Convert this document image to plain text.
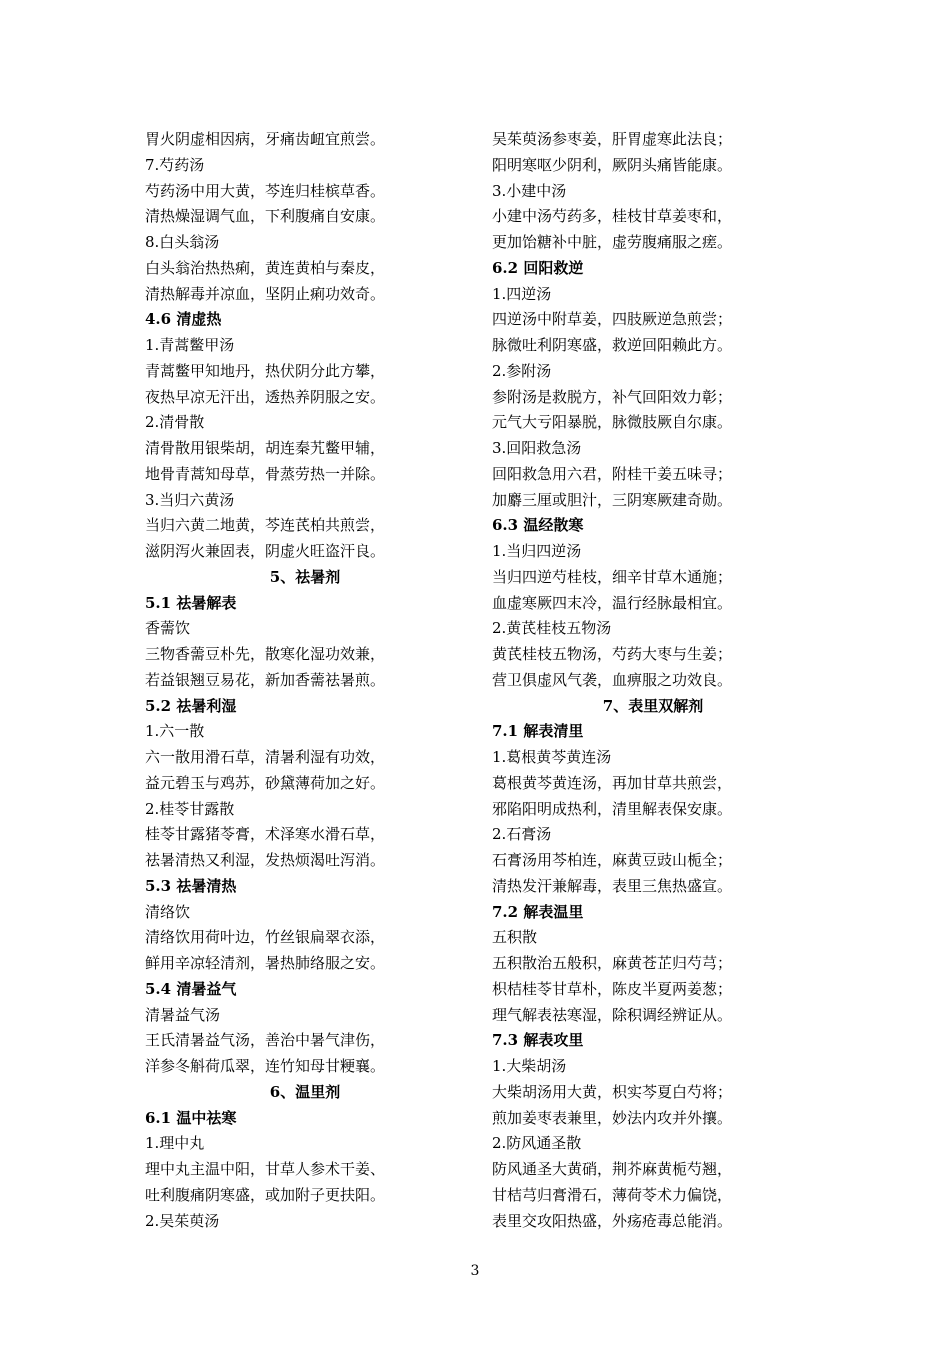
胃火阴虚相因病，牙痛齿衄宜煎尝。
7.芍药汤
芍药汤中用大黄，芩连归桂槟草香。
清热燥湿调气血，下利腹痛自安康。
8.白头翁汤
白头翁治热热痢，黄连黄柏与秦皮，
清热解毒并凉血，坚阴止痢功效奇。
4.6 清虚热
1.青蒿鳖甲汤
青蒿鳖甲知地丹，热伏阴分此方攀，
夜热早凉无汗出，透热养阴服之安。
2.清骨散
清骨散用银柴胡，胡连秦艽鳖甲辅，
地骨青蒿知母草，骨蒸劳热一并除。
3.当归六黄汤
当归六黄二地黄，芩连芪柏共煎尝，
滋阴泻火兼固表，阴虚火旺盗汗良。
5、祛暑剂
5.1 祛暑解表
香薷饮
三物香薷豆朴先，散寒化湿功效兼，
若益银翘豆易花，新加香薷祛暑煎。
5.2 祛暑利湿
1.六一散
六一散用滑石草，清暑利湿有功效，
益元碧玉与鸡苏，砂黛薄荷加之好。
2.桂苓甘露散
桂苓甘露猪苓膏，术泽寒水滑石草，
祛暑清热又利湿，发热烦渴吐泻消。
5.3 祛暑清热
清络饮
清络饮用荷叶边，竹丝银扁翠衣添，
鲜用辛凉轻清剂，暑热肺络服之安。
5.4 清暑益气
清暑益气汤
王氏清暑益气汤，善治中暑气津伤，
洋参冬斛荷瓜翠，连竹知母甘粳襄。
6、温里剂
6.1 温中祛寒
1.理中丸
理中丸主温中阳，甘草人参术干姜、
吐利腹痛阴寒盛，或加附子更扶阳。
2.吴茱萸汤
吴茱萸汤参枣姜，肝胃虚寒此法良；
阳明寒呕少阴利，厥阴头痛皆能康。
3.小建中汤
小建中汤芍药多，桂枝甘草姜枣和，
更加饴糖补中脏，虚劳腹痛服之瘥。
6.2 回阳救逆
1.四逆汤
四逆汤中附草姜，四肢厥逆急煎尝；
脉微吐利阴寒盛，救逆回阳赖此方。
2.参附汤
参附汤是救脱方，补气回阳效力彰；
元气大亏阳暴脱，脉微肢厥自尔康。
3.回阳救急汤
回阳救急用六君，附桂干姜五味寻；
加麝三厘或胆汁，三阴寒厥建奇勋。
6.3 温经散寒
1.当归四逆汤
当归四逆芍桂枝，细辛甘草木通施；
血虚寒厥四末冷，温行经脉最相宜。
2.黄芪桂枝五物汤
黄芪桂枝五物汤，芍药大枣与生姜；
营卫俱虚风气袭，血痹服之功效良。
7、表里双解剂
7.1 解表清里
1.葛根黄芩黄连汤
葛根黄芩黄连汤，再加甘草共煎尝，
邪陷阳明成热利，清里解表保安康。
2.石膏汤
石膏汤用芩柏连，麻黄豆豉山栀全；
清热发汗兼解毒，表里三焦热盛宣。
7.2 解表温里
五积散
五积散治五般积，麻黄苍芷归芍芎；
枳桔桂苓甘草朴，陈皮半夏两姜葱；
理气解表祛寒湿，除积调经辨证从。
7.3 解表攻里
1.大柴胡汤
大柴胡汤用大黄，枳实芩夏白芍将；
煎加姜枣表兼里，妙法内攻并外攘。
2.防风通圣散
防风通圣大黄硝，荆芥麻黄栀芍翘，
甘桔芎归膏滑石，薄荷苓术力偏饶，
表里交攻阳热盛，外疡疮毒总能消。
3
